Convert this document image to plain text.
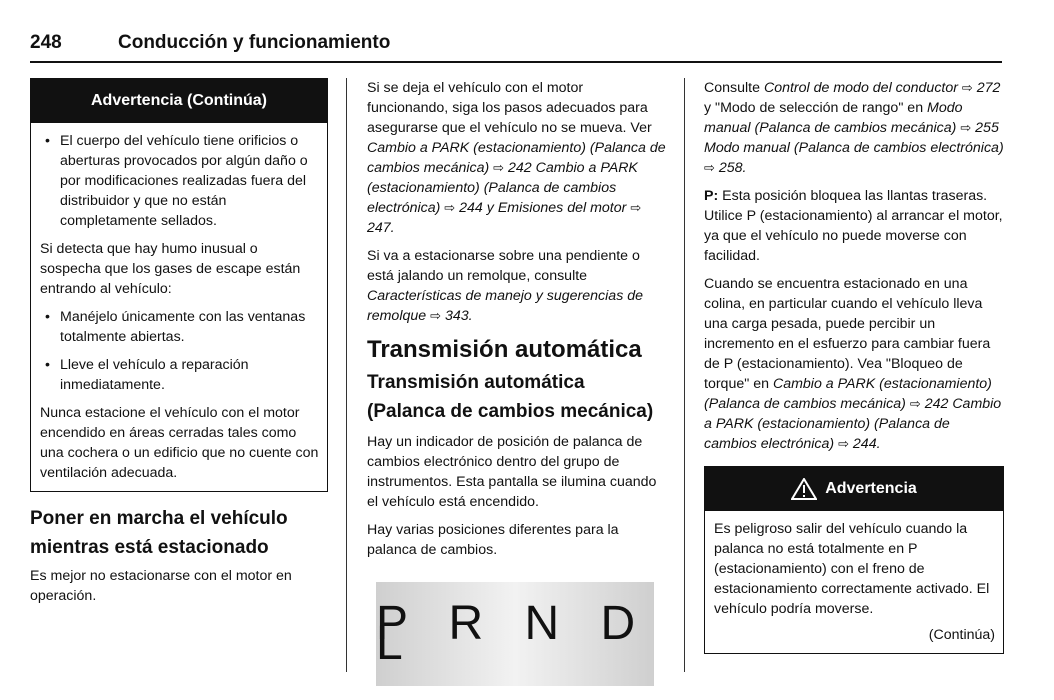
248	Conducción y funcionamiento
Advertencia (Continúa)
• El cuerpo del vehículo tiene orificios o aberturas provocados por algún daño o por modificaciones realizadas fuera del distribuidor y que no están completamente sellados.

Si detecta que hay humo inusual o sospecha que los gases de escape están entrando al vehículo:

• Manéjelo únicamente con las ventanas totalmente abiertas.
• Lleve el vehículo a reparación inmediatamente.

Nunca estacione el vehículo con el motor encendido en áreas cerradas tales como una cochera o un edificio que no cuente con ventilación adecuada.

Poner en marcha el vehículo mientras está estacionado

Es mejor no estacionarse con el motor en operación.

Si se deja el vehículo con el motor funcionando, siga los pasos adecuados para asegurarse que el vehículo no se mueva. Ver Cambio a PARK (estacionamiento) (Palanca de cambios mecánica) ⇨ 242 Cambio a PARK (estacionamiento) (Palanca de cambios electrónica) ⇨ 244 y Emisiones del motor ⇨ 247.

Si va a estacionarse sobre una pendiente o está jalando un remolque, consulte Características de manejo y sugerencias de remolque ⇨ 343.

Transmisión automática
Transmisión automática (Palanca de cambios mecánica)

Hay un indicador de posición de palanca de cambios electrónico dentro del grupo de instrumentos. Esta pantalla se ilumina cuando el vehículo está encendido.

Hay varias posiciones diferentes para la palanca de cambios.

P R N D L

Consulte Control de modo del conductor ⇨ 272 y "Modo de selección de rango" en Modo manual (Palanca de cambios mecánica) ⇨ 255 Modo manual (Palanca de cambios electrónica) ⇨ 258.

P: Esta posición bloquea las llantas traseras. Utilice P (estacionamiento) al arrancar el motor, ya que el vehículo no puede moverse con facilidad.

Cuando se encuentra estacionado en una colina, en particular cuando el vehículo lleva una carga pesada, puede percibir un incremento en el esfuerzo para cambiar fuera de P (estacionamiento). Vea "Bloqueo de torque" en Cambio a PARK (estacionamiento) (Palanca de cambios mecánica) ⇨ 242 Cambio a PARK (estacionamiento) (Palanca de cambios electrónica) ⇨ 244.

Advertencia

Es peligroso salir del vehículo cuando la palanca no está totalmente en P (estacionamiento) con el freno de estacionamiento correctamente activado. El vehículo podría moverse.

(Continúa)
